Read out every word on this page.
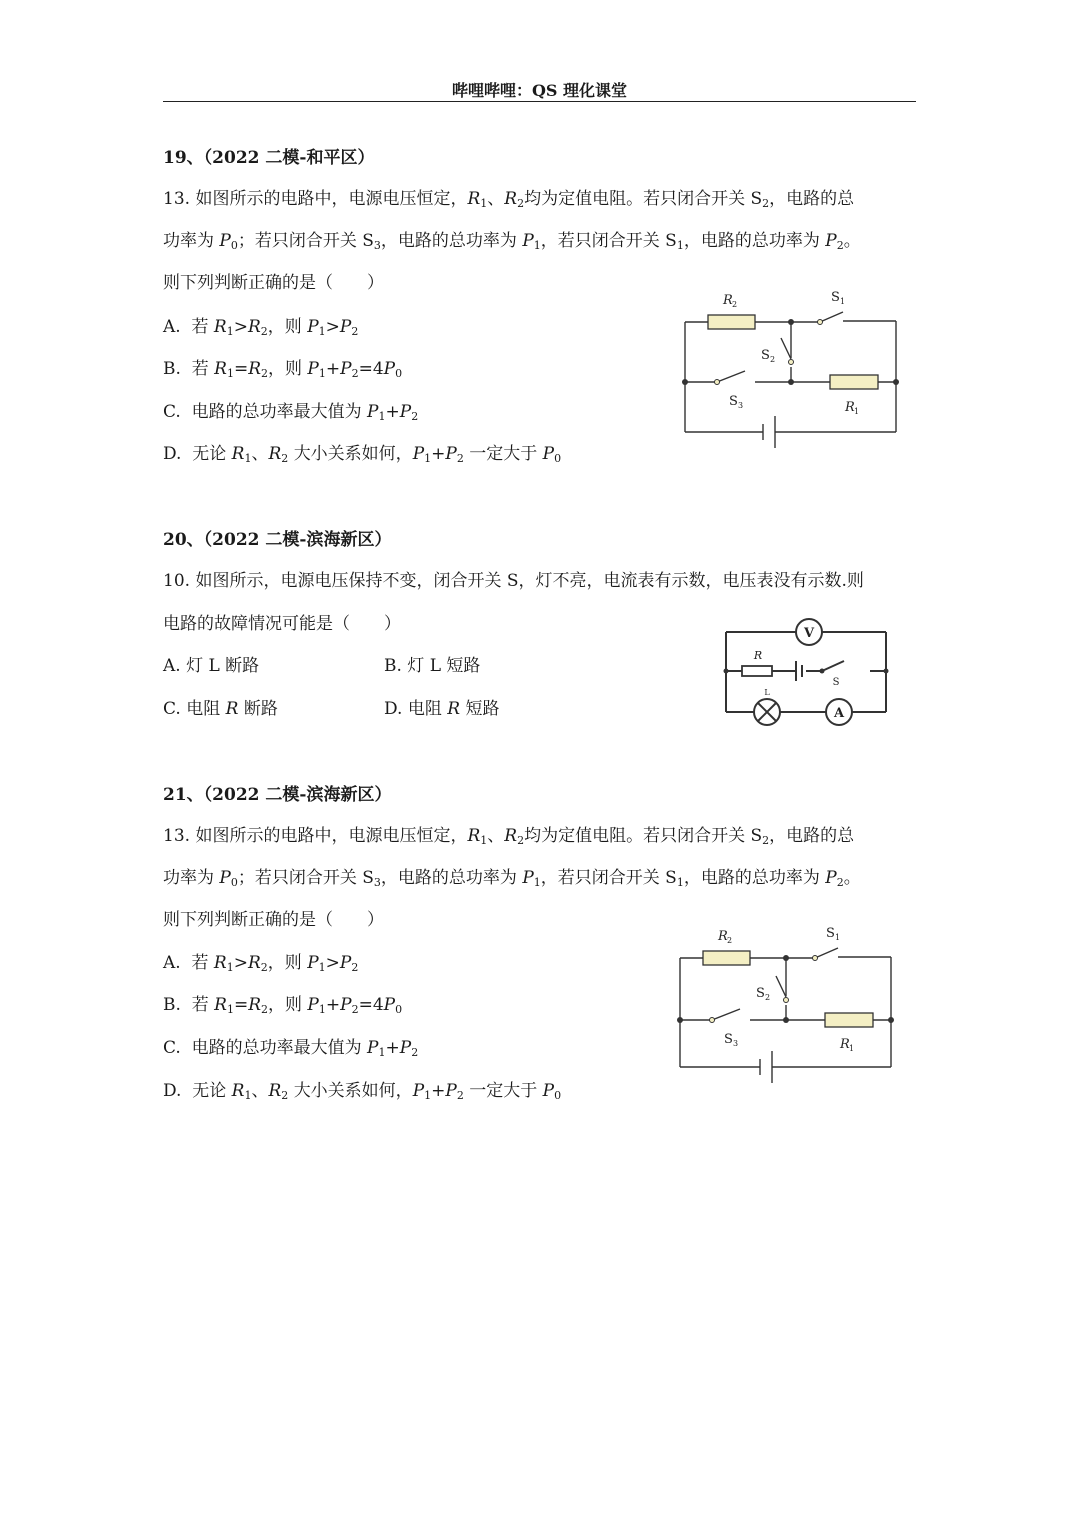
哔哩哔哩：QS 理化课堂
19、（2022 二模-和平区）
13. 如图所示的电路中，电源电压恒定，$R_1$、$R_2$均为定值电阻。若只闭合开关 $S_2$，电路的总
功率为 $P_0$；若只闭合开关 $S_3$，电路的总功率为 $P_1$，若只闭合开关 $S_1$，电路的总功率为 $P_2$。
则下列判断正确的是（　　）
A. 若 $R_1>R_2$，则 $P_1>P_2$
B. 若 $R_1=R_2$，则 $P_1+P_2=4P_0$
C. 电路的总功率最大值为 $P_1+P_2$
D. 无论 $R_1$、$R_2$ 大小关系如何，$P_1+P_2$ 一定大于 $P_0$
R
R
2
1
S
S
S
1
2
3
20、（2022 二模-滨海新区）
10. 如图所示，电源电压保持不变，闭合开关 S，灯不亮，电流表有示数，电压表没有示数.则
电路的故障情况可能是（　　）
A. 灯 L 断路	B. 灯 L 短路
C. 电阻 R 断路	D. 电阻 R 短路
V
A
R
S
L
21、（2022 二模-滨海新区）
13. 如图所示的电路中，电源电压恒定，$R_1$、$R_2$均为定值电阻。若只闭合开关 $S_2$，电路的总
功率为 $P_0$；若只闭合开关 $S_3$，电路的总功率为 $P_1$，若只闭合开关 $S_1$，电路的总功率为 $P_2$。
则下列判断正确的是（　　）
A. 若 $R_1>R_2$，则 $P_1>P_2$
B. 若 $R_1=R_2$，则 $P_1+P_2=4P_0$
C. 电路的总功率最大值为 $P_1+P_2$
D. 无论 $R_1$、$R_2$ 大小关系如何，$P_1+P_2$ 一定大于 $P_0$
R
R
2
1
S
S
S
1
2
3
